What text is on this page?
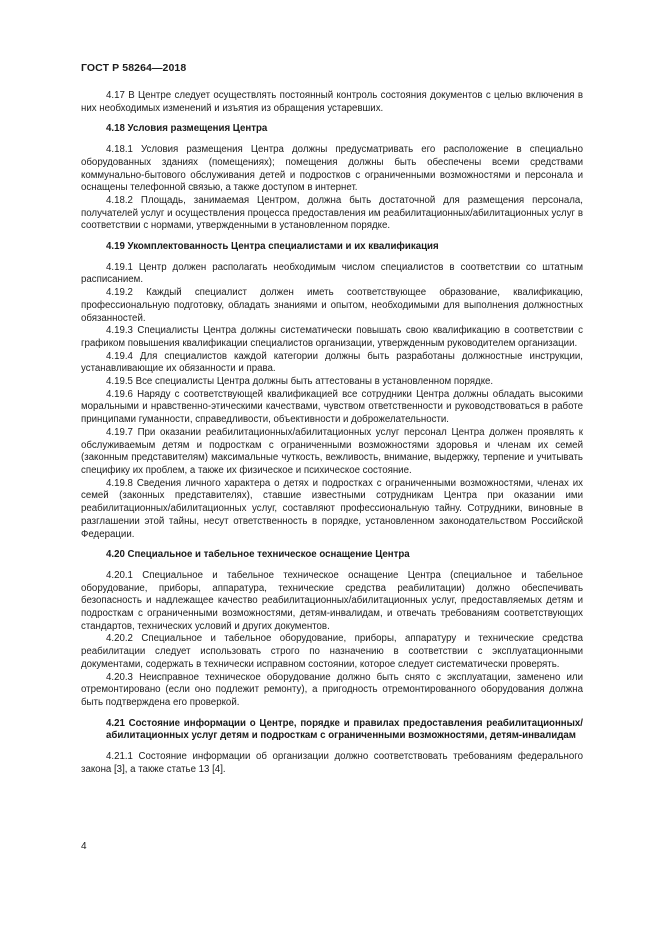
ГОСТ Р 58264—2018

4.17 В Центре следует осуществлять постоянный контроль состояния документов с целью включения в них необходимых изменений и изъятия из обращения устаревших.

4.18 Условия размещения Центра

4.18.1 Условия размещения Центра должны предусматривать его расположение в специально оборудованных зданиях (помещениях); помещения должны быть обеспечены всеми средствами коммунально-бытового обслуживания детей и подростков с ограниченными возможностями и персонала и оснащены телефонной связью, а также доступом в интернет.

4.18.2 Площадь, занимаемая Центром, должна быть достаточной для размещения персонала, получателей услуг и осуществления процесса предоставления им реабилитационных/абилитационных услуг в соответствии с нормами, утвержденными в установленном порядке.

4.19 Укомплектованность Центра специалистами и их квалификация

4.19.1 Центр должен располагать необходимым числом специалистов в соответствии со штатным расписанием.

4.19.2 Каждый специалист должен иметь соответствующее образование, квалификацию, профессиональную подготовку, обладать знаниями и опытом, необходимыми для выполнения должностных обязанностей.

4.19.3 Специалисты Центра должны систематически повышать свою квалификацию в соответствии с графиком повышения квалификации специалистов организации, утвержденным руководителем организации.

4.19.4 Для специалистов каждой категории должны быть разработаны должностные инструкции, устанавливающие их обязанности и права.

4.19.5 Все специалисты Центра должны быть аттестованы в установленном порядке.

4.19.6 Наряду с соответствующей квалификацией все сотрудники Центра должны обладать высокими моральными и нравственно-этическими качествами, чувством ответственности и руководствоваться в работе принципами гуманности, справедливости, объективности и доброжелательности.

4.19.7 При оказании реабилитационных/абилитационных услуг персонал Центра должен проявлять к обслуживаемым детям и подросткам с ограниченными возможностями здоровья и членам их семей (законным представителям) максимальные чуткость, вежливость, внимание, выдержку, терпение и учитывать специфику их проблем, а также их физическое и психическое состояние.

4.19.8 Сведения личного характера о детях и подростках с ограниченными возможностями, членах их семей (законных представителях), ставшие известными сотрудникам Центра при оказании ими реабилитационных/абилитационных услуг, составляют профессиональную тайну. Сотрудники, виновные в разглашении этой тайны, несут ответственность в порядке, установленном законодательством Российской Федерации.

4.20 Специальное и табельное техническое оснащение Центра

4.20.1 Специальное и табельное техническое оснащение Центра (специальное и табельное оборудование, приборы, аппаратура, технические средства реабилитации) должно обеспечивать безопасность и надлежащее качество реабилитационных/абилитационных услуг, предоставляемых детям и подросткам с ограниченными возможностями, детям-инвалидам, и отвечать требованиям соответствующих стандартов, технических условий и других документов.

4.20.2 Специальное и табельное оборудование, приборы, аппаратуру и технические средства реабилитации следует использовать строго по назначению в соответствии с эксплуатационными документами, содержать в технически исправном состоянии, которое следует систематически проверять.

4.20.3 Неисправное техническое оборудование должно быть снято с эксплуатации, заменено или отремонтировано (если оно подлежит ремонту), а пригодность отремонтированного оборудования должна быть подтверждена его проверкой.

4.21 Состояние информации о Центре, порядке и правилах предоставления реабилитационных/абилитационных услуг детям и подросткам с ограниченными возможностями, детям-инвалидам

4.21.1 Состояние информации об организации должно соответствовать требованиям федерального закона [3], а также статье 13 [4].

4
